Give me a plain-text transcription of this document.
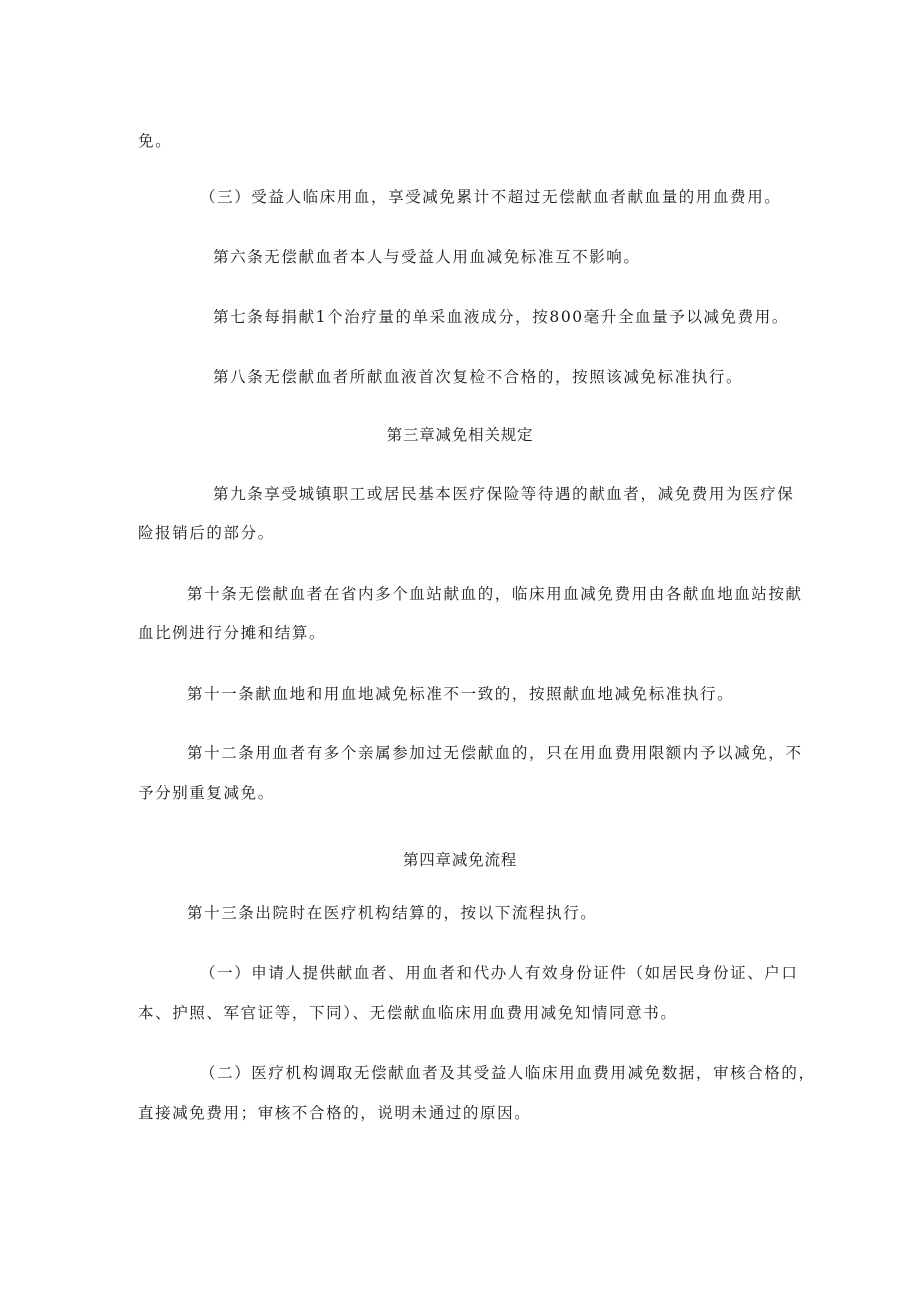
免。
（三）受益人临床用血，享受减免累计不超过无偿献血者献血量的用血费用。
第六条无偿献血者本人与受益人用血减免标准互不影响。
第七条每捐献1个治疗量的单采血液成分，按800毫升全血量予以减免费用。
第八条无偿献血者所献血液首次复检不合格的，按照该减免标准执行。
第三章减免相关规定
第九条享受城镇职工或居民基本医疗保险等待遇的献血者，减免费用为医疗保
险报销后的部分。
第十条无偿献血者在省内多个血站献血的，临床用血减免费用由各献血地血站按献
血比例进行分摊和结算。
第十一条献血地和用血地减免标准不一致的，按照献血地减免标准执行。
第十二条用血者有多个亲属参加过无偿献血的，只在用血费用限额内予以减免，不
予分别重复减免。
第四章减免流程
第十三条出院时在医疗机构结算的，按以下流程执行。
（一）申请人提供献血者、用血者和代办人有效身份证件（如居民身份证、户口
本、护照、军官证等，下同）、无偿献血临床用血费用减免知情同意书。
（二）医疗机构调取无偿献血者及其受益人临床用血费用减免数据，审核合格的，
直接减免费用；审核不合格的，说明未通过的原因。
